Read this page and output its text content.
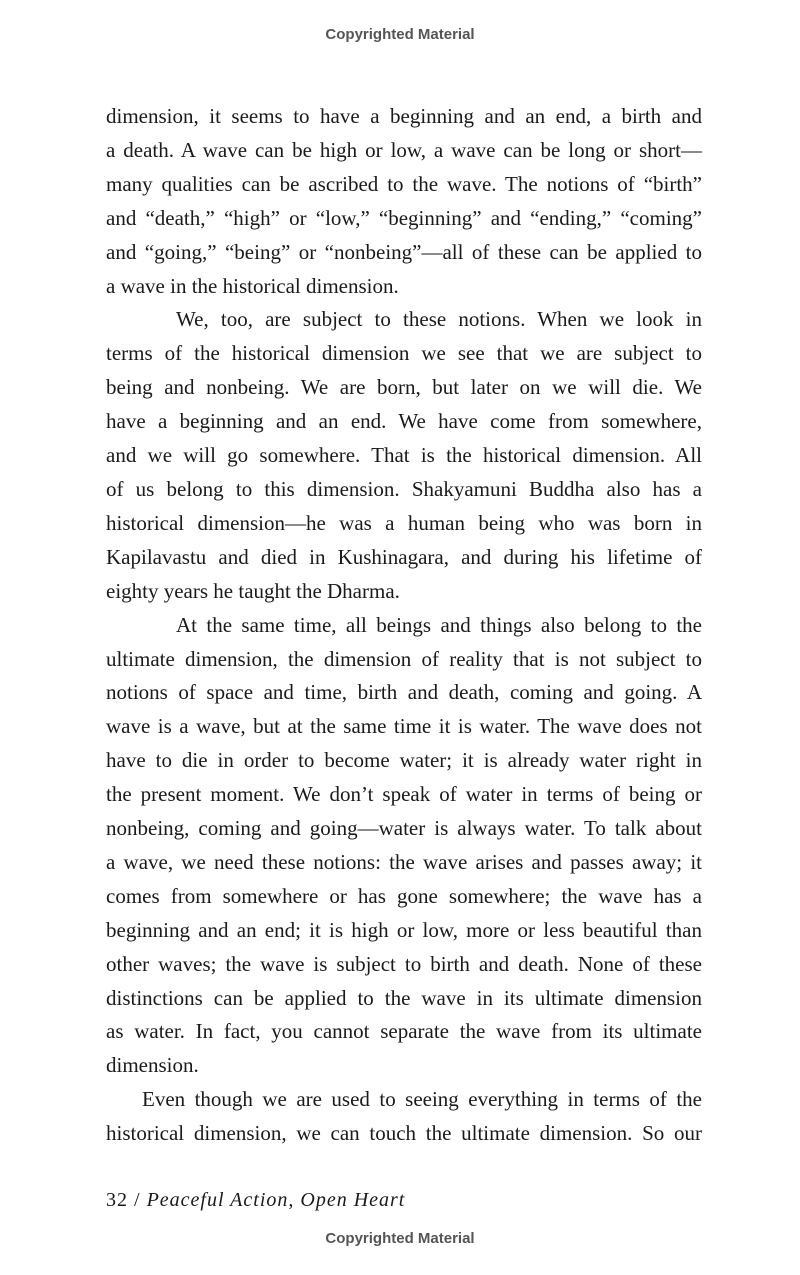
Copyrighted Material
dimension, it seems to have a beginning and an end, a birth and
a death. A wave can be high or low, a wave can be long or short—
many qualities can be ascribed to the wave. The notions of “birth”
and “death,” “high” or “low,” “beginning” and “ending,” “coming”
and “going,” “being” or “nonbeing”—all of these can be applied to
a wave in the historical dimension.
We, too, are subject to these notions. When we look in
terms of the historical dimension we see that we are subject to
being and nonbeing. We are born, but later on we will die. We
have a beginning and an end. We have come from somewhere,
and we will go somewhere. That is the historical dimension. All
of us belong to this dimension. Shakyamuni Buddha also has a
historical dimension—he was a human being who was born in
Kapilavastu and died in Kushinagara, and during his lifetime of
eighty years he taught the Dharma.
At the same time, all beings and things also belong to the
ultimate dimension, the dimension of reality that is not subject to
notions of space and time, birth and death, coming and going. A
wave is a wave, but at the same time it is water. The wave does not
have to die in order to become water; it is already water right in
the present moment. We don’t speak of water in terms of being or
nonbeing, coming and going—water is always water. To talk about
a wave, we need these notions: the wave arises and passes away; it
comes from somewhere or has gone somewhere; the wave has a
beginning and an end; it is high or low, more or less beautiful than
other waves; the wave is subject to birth and death. None of these
distinctions can be applied to the wave in its ultimate dimension
as water. In fact, you cannot separate the wave from its ultimate
dimension.
Even though we are used to seeing everything in terms of the
historical dimension, we can touch the ultimate dimension. So our
32 / Peaceful Action, Open Heart
Copyrighted Material
